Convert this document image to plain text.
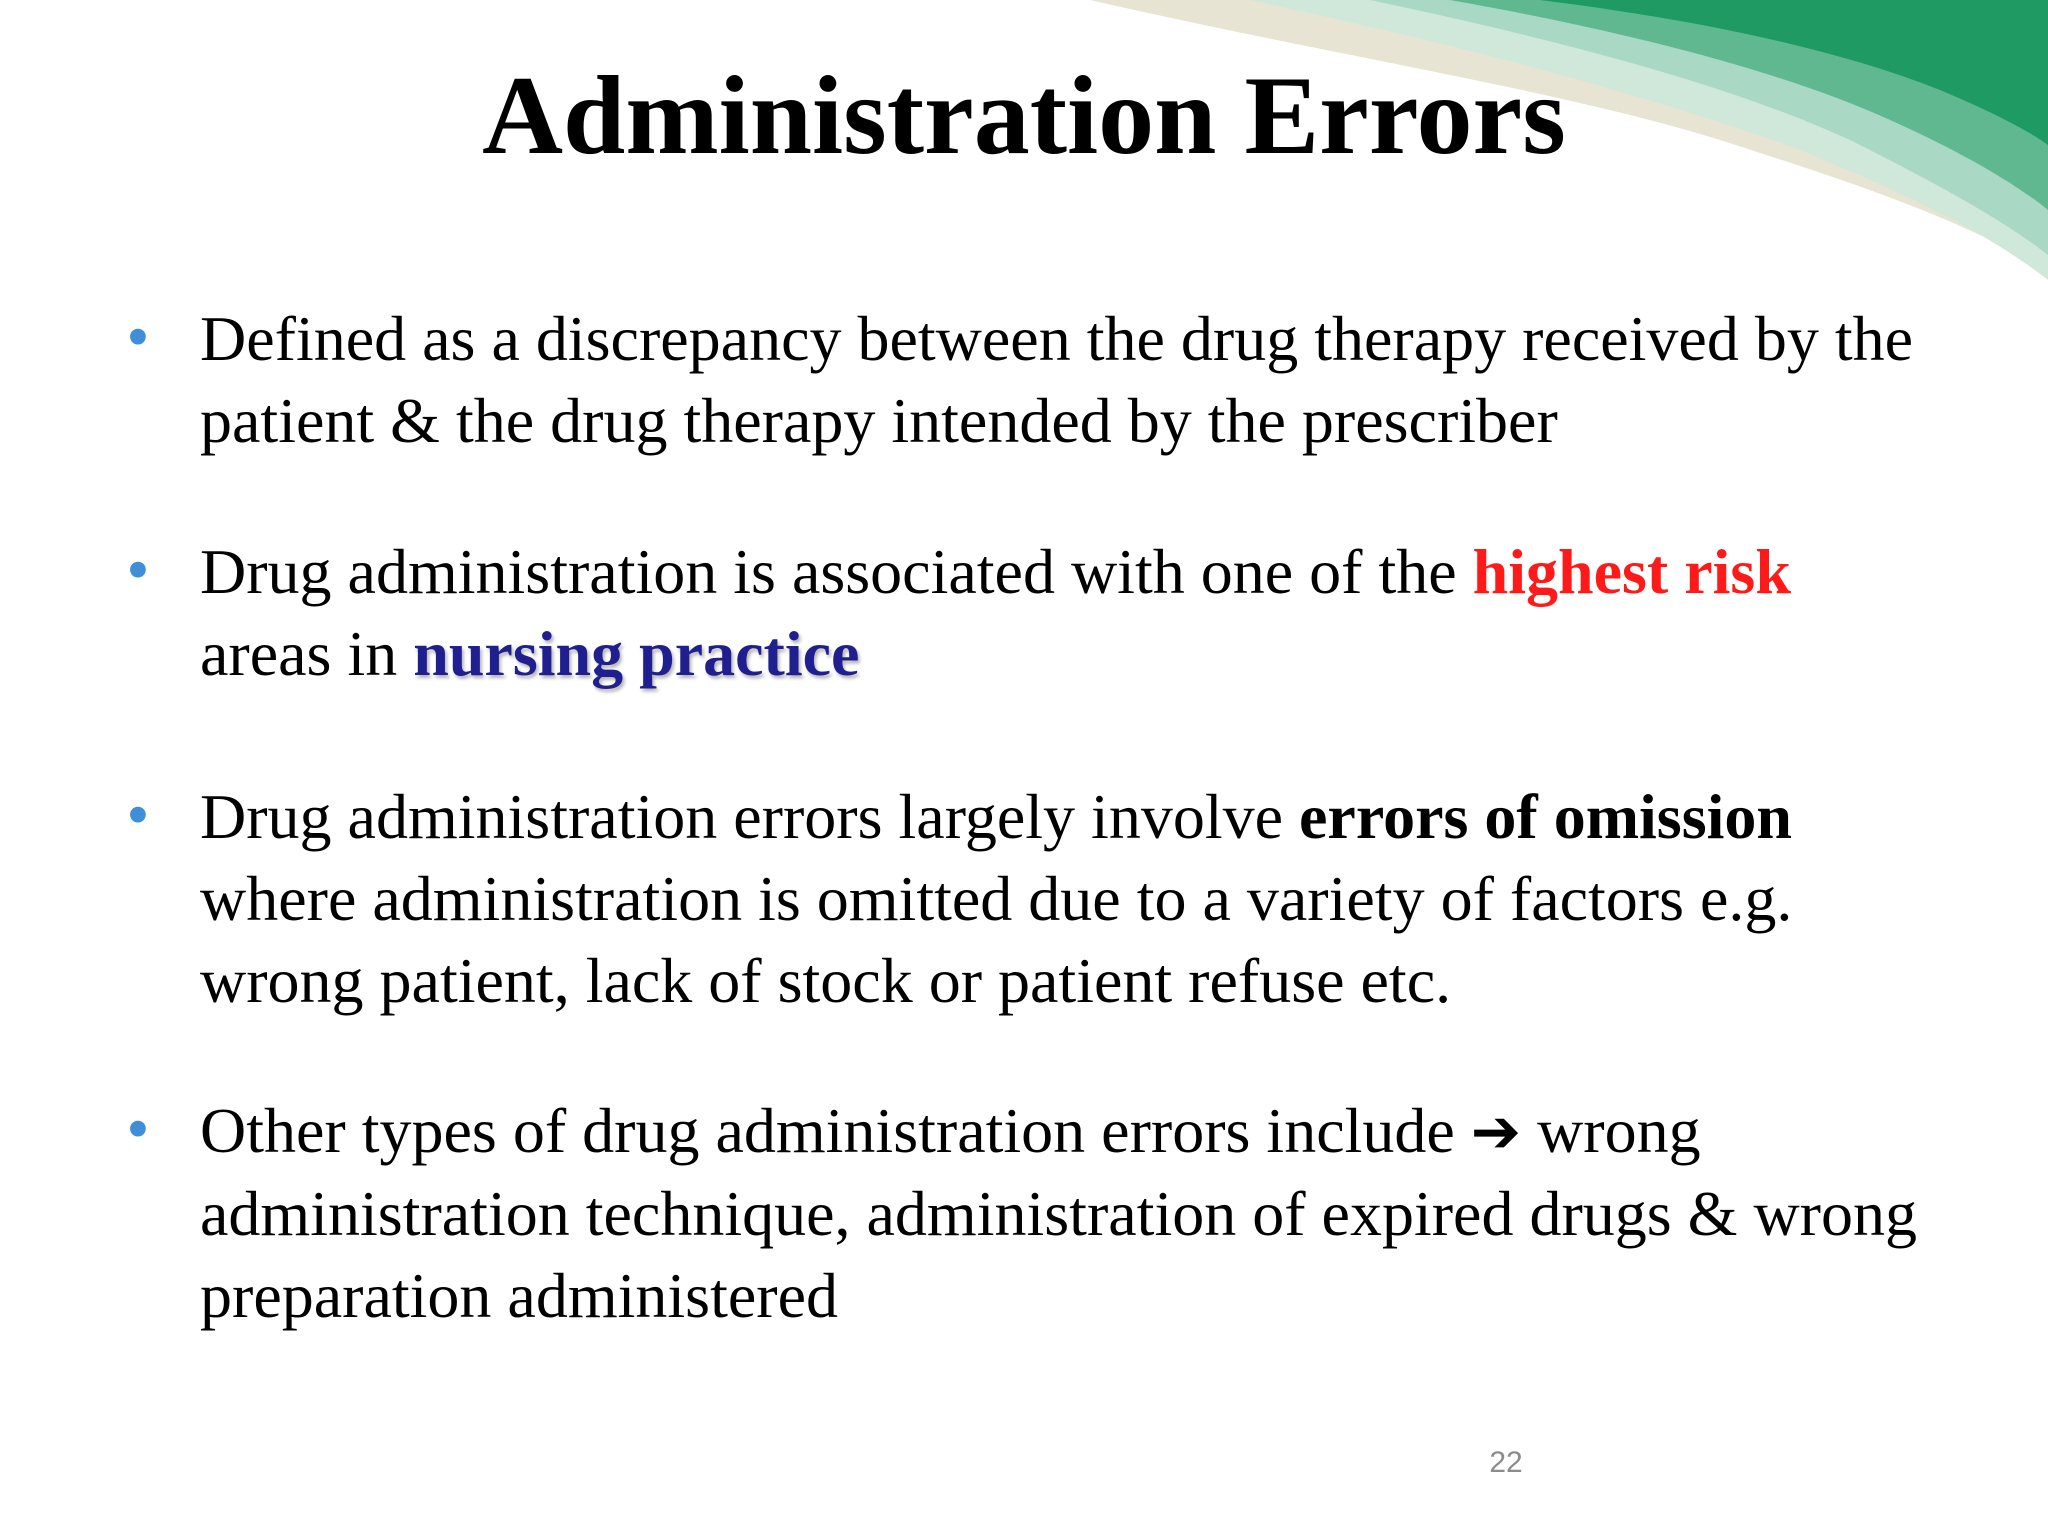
Administration Errors
• Defined as a discrepancy between the drug therapy received by the patient & the drug therapy intended by the prescriber
• Drug administration is associated with one of the highest risk
areas in nursing practice
• Drug administration errors largely involve errors of omission where administration is omitted due to a variety of factors e.g. wrong patient, lack of stock or patient refuse etc.
• Other types of drug administration errors include ➔ wrong administration technique, administration of expired drugs & wrong preparation administered
22
